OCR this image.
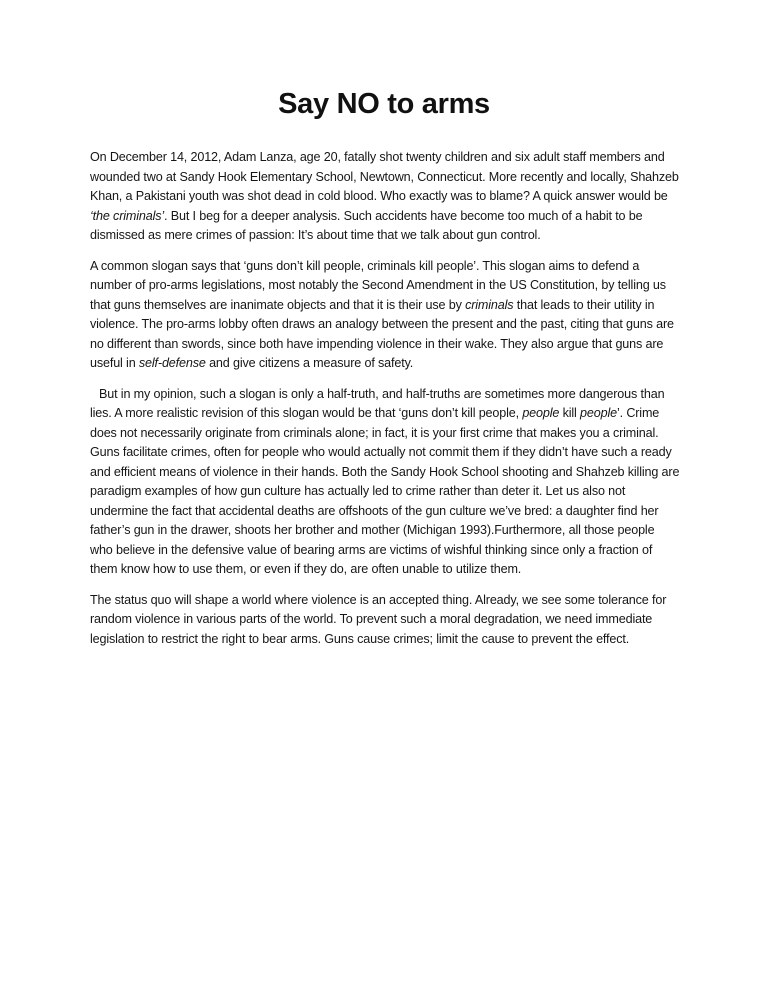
Say NO to arms

On December 14, 2012, Adam Lanza, age 20, fatally shot twenty children and six adult staff members and wounded two at Sandy Hook Elementary School, Newtown, Connecticut. More recently and locally, Shahzeb Khan, a Pakistani youth was shot dead in cold blood. Who exactly was to blame? A quick answer would be ‘the criminals’. But I beg for a deeper analysis. Such accidents have become too much of a habit to be dismissed as mere crimes of passion: It’s about time that we talk about gun control.

A common slogan says that ‘guns don’t kill people, criminals kill people’. This slogan aims to defend a number of pro-arms legislations, most notably the Second Amendment in the US Constitution, by telling us that guns themselves are inanimate objects and that it is their use by criminals that leads to their utility in violence. The pro-arms lobby often draws an analogy between the present and the past, citing that guns are no different than swords, since both have impending violence in their wake. They also argue that guns are useful in self-defense and give citizens a measure of safety.

But in my opinion, such a slogan is only a half-truth, and half-truths are sometimes more dangerous than lies. A more realistic revision of this slogan would be that ‘guns don’t kill people, people kill people’. Crime does not necessarily originate from criminals alone; in fact, it is your first crime that makes you a criminal. Guns facilitate crimes, often for people who would actually not commit them if they didn’t have such a ready and efficient means of violence in their hands. Both the Sandy Hook School shooting and Shahzeb killing are paradigm examples of how gun culture has actually led to crime rather than deter it. Let us also not undermine the fact that accidental deaths are offshoots of the gun culture we’ve bred: a daughter find her father’s gun in the drawer, shoots her brother and mother (Michigan 1993).Furthermore, all those people who believe in the defensive value of bearing arms are victims of wishful thinking since only a fraction of them know how to use them, or even if they do, are often unable to utilize them.

The status quo will shape a world where violence is an accepted thing. Already, we see some tolerance for random violence in various parts of the world. To prevent such a moral degradation, we need immediate legislation to restrict the right to bear arms. Guns cause crimes; limit the cause to prevent the effect.
